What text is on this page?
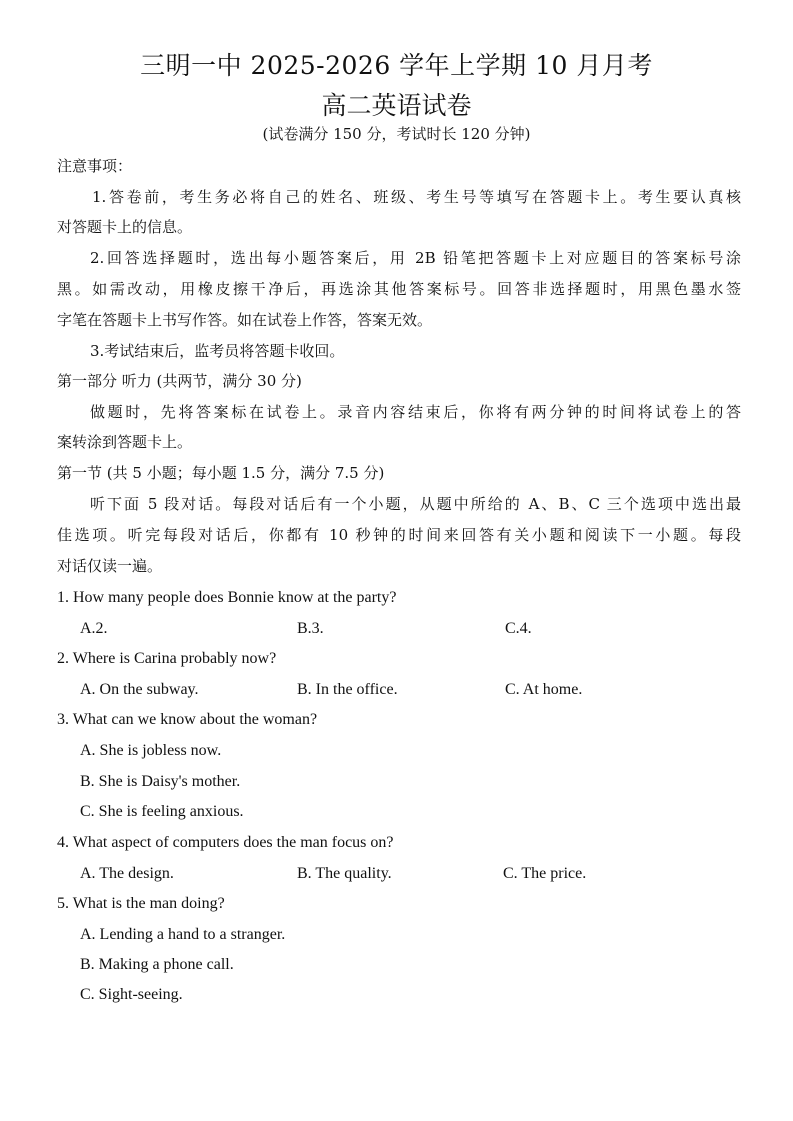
三明一中 2025-2026 学年上学期 10 月月考
高二英语试卷
(试卷满分 150 分，考试时长 120 分钟)
注意事项：
1.答卷前，考生务必将自己的姓名、班级、考生号等填写在答题卡上。考生要认真核
对答题卡上的信息。
2.回答选择题时，选出每小题答案后，用 2B 铅笔把答题卡上对应题目的答案标号涂
黑。如需改动，用橡皮擦干净后，再选涂其他答案标号。回答非选择题时，用黑色墨水签
字笔在答题卡上书写作答。如在试卷上作答，答案无效。
3.考试结束后，监考员将答题卡收回。
第一部分 听力 (共两节，满分 30 分)
做题时，先将答案标在试卷上。录音内容结束后，你将有两分钟的时间将试卷上的答
案转涂到答题卡上。
第一节 (共 5 小题；每小题 1.5 分，满分 7.5 分)
听下面 5 段对话。每段对话后有一个小题，从题中所给的 A、B、C 三个选项中选出最
佳选项。听完每段对话后，你都有 10 秒钟的时间来回答有关小题和阅读下一小题。每段
对话仅读一遍。
1. How many people does Bonnie know at the party?
A.2.	B.3.	C.4.
2. Where is Carina probably now?
A. On the subway.	B. In the office.	C. At home.
3. What can we know about the woman?
A. She is jobless now.
B. She is Daisy's mother.
C. She is feeling anxious.
4. What aspect of computers does the man focus on?
A. The design.	B. The quality.	C. The price.
5. What is the man doing?
A. Lending a hand to a stranger.
B. Making a phone call.
C. Sight-seeing.
